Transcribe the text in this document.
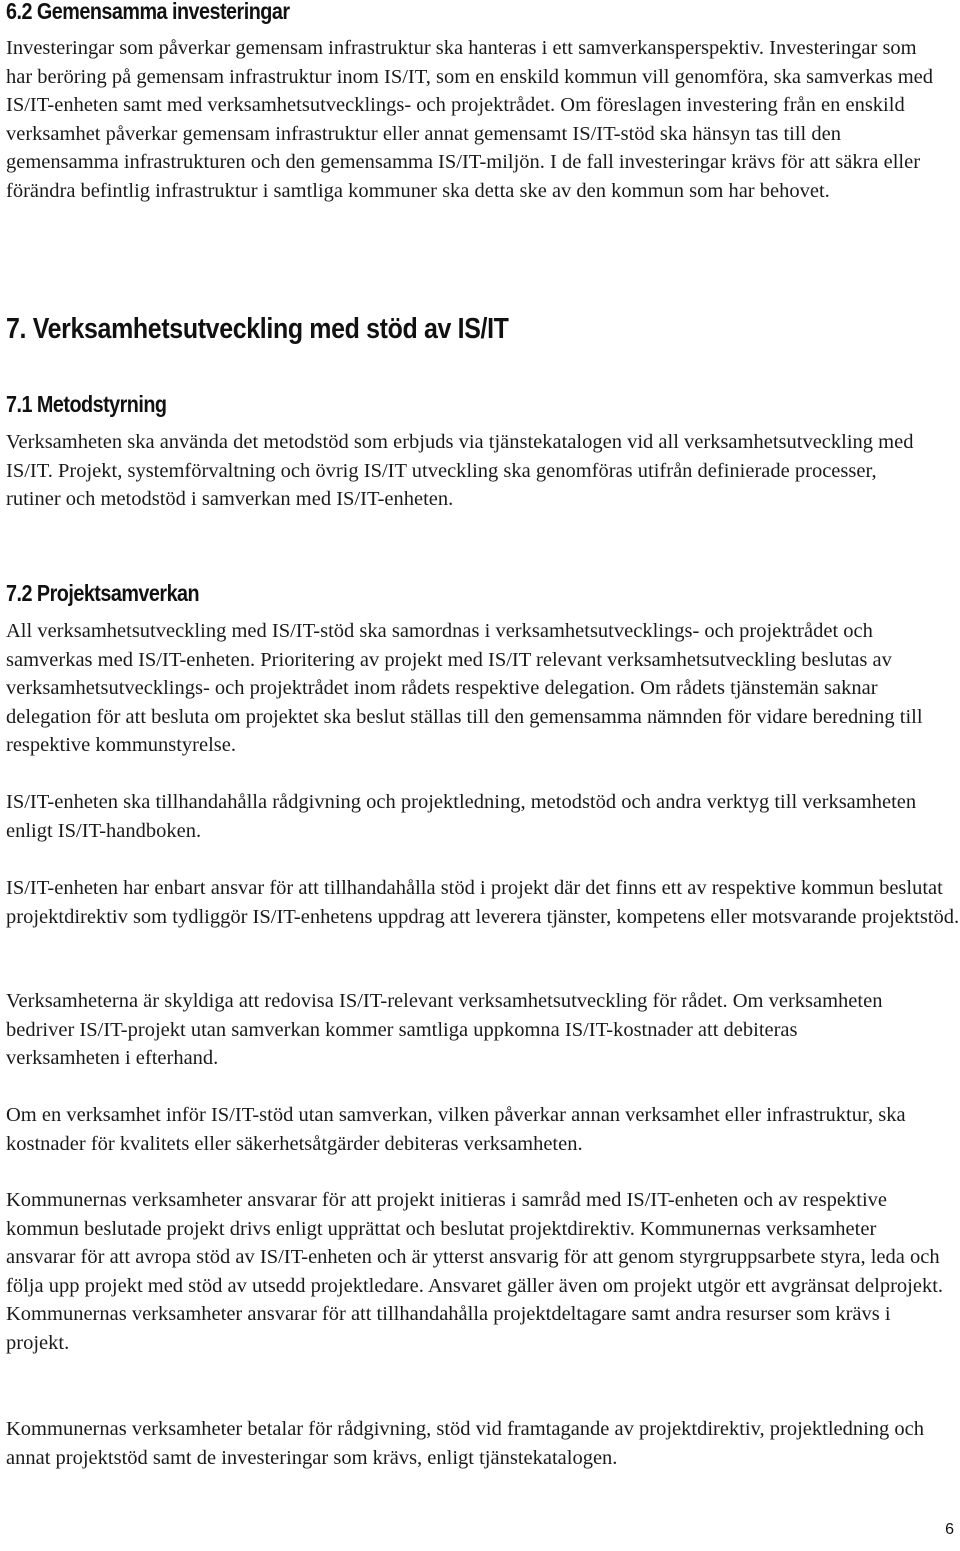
6.2 Gemensamma investeringar

Investeringar som påverkar gemensam infrastruktur ska hanteras i ett samverkansperspektiv. Investeringar som har beröring på gemensam infrastruktur inom IS/IT, som en enskild kommun vill genomföra, ska samverkas med IS/IT-enheten samt med verksamhetsutvecklings- och projektrådet. Om föreslagen investering från en enskild verksamhet påverkar gemensam infrastruktur eller annat gemensamt IS/IT-stöd ska hänsyn tas till den gemensamma infrastrukturen och den gemensamma IS/IT-miljön. I de fall investeringar krävs för att säkra eller förändra befintlig infrastruktur i samtliga kommuner ska detta ske av den kommun som har behovet.

7. Verksamhetsutveckling med stöd av IS/IT
7.1 Metodstyrning

Verksamheten ska använda det metodstöd som erbjuds via tjänstekatalogen vid all verksamhetsutveckling med IS/IT. Projekt, systemförvaltning och övrig IS/IT utveckling ska genomföras utifrån definierade processer, rutiner och metodstöd i samverkan med IS/IT-enheten.

7.2 Projektsamverkan

All verksamhetsutveckling med IS/IT-stöd ska samordnas i verksamhetsutvecklings- och projektrådet och samverkas med IS/IT-enheten. Prioritering av projekt med IS/IT relevant verksamhetsutveckling beslutas av verksamhetsutvecklings- och projektrådet inom rådets respektive delegation. Om rådets tjänstemän saknar delegation för att besluta om projektet ska beslut ställas till den gemensamma nämnden för vidare beredning till respektive kommunstyrelse.

IS/IT-enheten ska tillhandahålla rådgivning och projektledning, metodstöd och andra verktyg till verksamheten enligt IS/IT-handboken.

IS/IT-enheten har enbart ansvar för att tillhandahålla stöd i projekt där det finns ett av respektive kommun beslutat projektdirektiv som tydliggör IS/IT-enhetens uppdrag att leverera tjänster, kompetens eller motsvarande projektstöd.

Verksamheterna är skyldiga att redovisa IS/IT-relevant verksamhetsutveckling för rådet. Om verksamheten bedriver IS/IT-projekt utan samverkan kommer samtliga uppkomna IS/IT-kostnader att debiteras verksamheten i efterhand.

Om en verksamhet inför IS/IT-stöd utan samverkan, vilken påverkar annan verksamhet eller infrastruktur, ska kostnader för kvalitets eller säkerhetsåtgärder debiteras verksamheten.

Kommunernas verksamheter ansvarar för att projekt initieras i samråd med IS/IT-enheten och av respektive kommun beslutade projekt drivs enligt upprättat och beslutat projektdirektiv. Kommunernas verksamheter ansvarar för att avropa stöd av IS/IT-enheten och är ytterst ansvarig för att genom styrgruppsarbete styra, leda och följa upp projekt med stöd av utsedd projektledare. Ansvaret gäller även om projekt utgör ett avgränsat delprojekt. Kommunernas verksamheter ansvarar för att tillhandahålla projektdeltagare samt andra resurser som krävs i projekt.

Kommunernas verksamheter betalar för rådgivning, stöd vid framtagande av projektdirektiv, projektledning och annat projektstöd samt de investeringar som krävs, enligt tjänstekatalogen.

6
